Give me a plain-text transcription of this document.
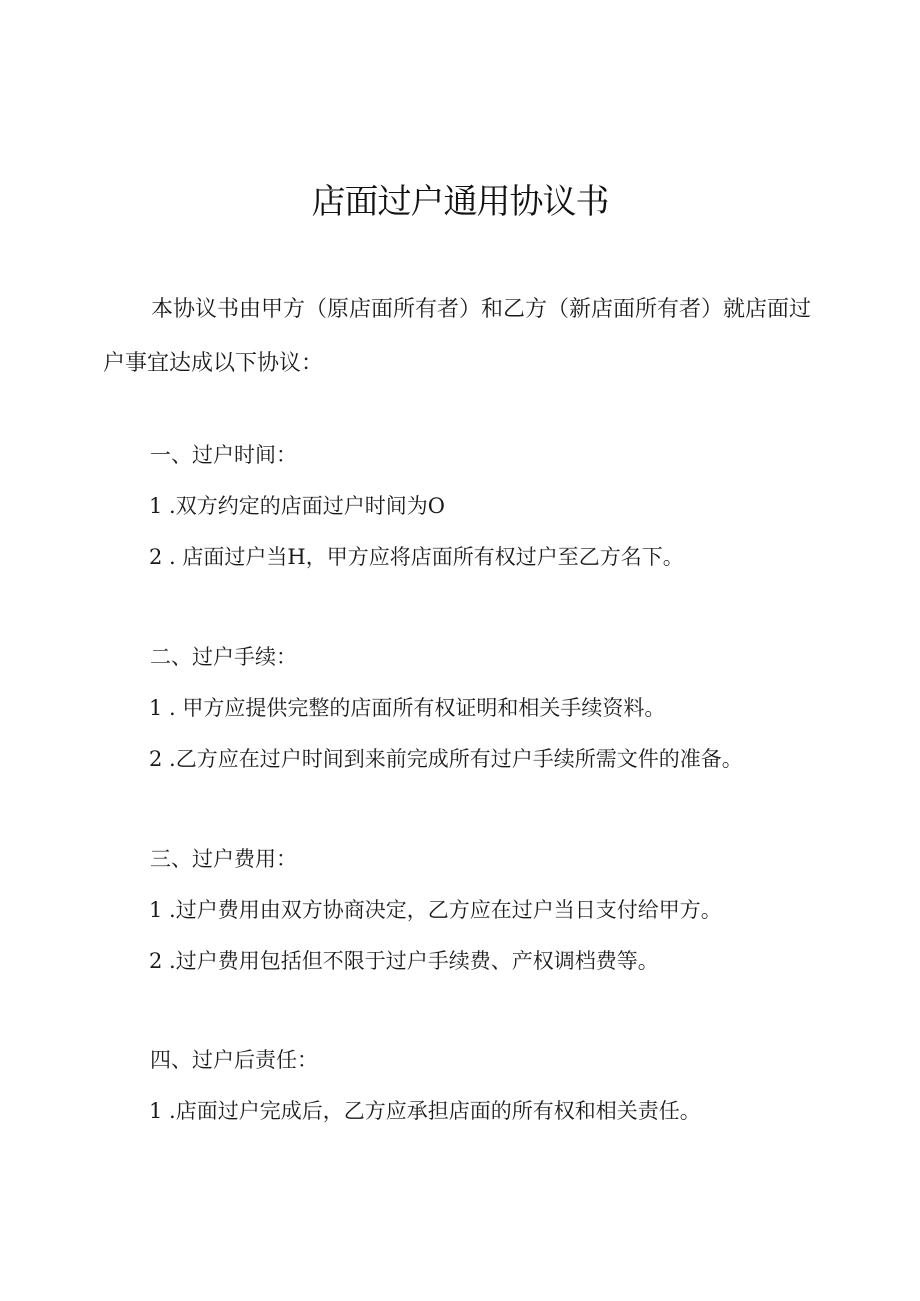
店面过户通用协议书

本协议书由甲方（原店面所有者）和乙方（新店面所有者）就店面过户事宜达成以下协议：

一、过户时间：
1 .双方约定的店面过户时间为O
2 . 店面过户当H，甲方应将店面所有权过户至乙方名下。
二、过户手续：
1 . 甲方应提供完整的店面所有权证明和相关手续资料。
2 .乙方应在过户时间到来前完成所有过户手续所需文件的准备。
三、过户费用：
1 .过户费用由双方协商决定，乙方应在过户当日支付给甲方。
2 .过户费用包括但不限于过户手续费、产权调档费等。
四、过户后责任：
1 .店面过户完成后，乙方应承担店面的所有权和相关责任。
